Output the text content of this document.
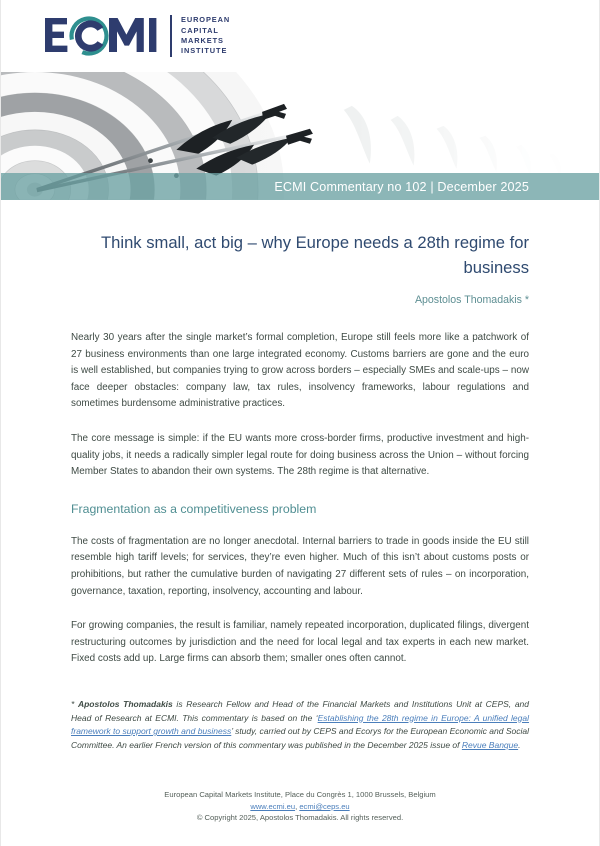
EUROPEAN
CAPITAL
MARKETS
INSTITUTE
ECMI Commentary no 102 | December 2025
Think small, act big – why Europe needs a 28th regime for business
Apostolos Thomadakis *

Nearly 30 years after the single market’s formal completion, Europe still feels more like a patchwork of 27 business environments than one large integrated economy. Customs barriers are gone and the euro is well established, but companies trying to grow across borders – especially SMEs and scale-ups – now face deeper obstacles: company law, tax rules, insolvency frameworks, labour regulations and sometimes burdensome administrative practices.

The core message is simple: if the EU wants more cross-border firms, productive investment and high-quality jobs, it needs a radically simpler legal route for doing business across the Union – without forcing Member States to abandon their own systems. The 28th regime is that alternative.

Fragmentation as a competitiveness problem

The costs of fragmentation are no longer anecdotal. Internal barriers to trade in goods inside the EU still resemble high tariff levels; for services, they’re even higher. Much of this isn’t about customs posts or prohibitions, but rather the cumulative burden of navigating 27 different sets of rules – on incorporation, governance, taxation, reporting, insolvency, accounting and labour.

For growing companies, the result is familiar, namely repeated incorporation, duplicated filings, divergent restructuring outcomes by jurisdiction and the need for local legal and tax experts in each new market. Fixed costs add up. Large firms can absorb them; smaller ones often cannot.

* Apostolos Thomadakis is Research Fellow and Head of the Financial Markets and Institutions Unit at CEPS, and Head of Research at ECMI. This commentary is based on the ‘Establishing the 28th regime in Europe: A unified legal framework to support growth and business’ study, carried out by CEPS and Ecorys for the European Economic and Social Committee. An earlier French version of this commentary was published in the December 2025 issue of Revue Banque.
European Capital Markets Institute, Place du Congrès 1, 1000 Brussels, Belgium
www.ecmi.eu, ecmi@ceps.eu
© Copyright 2025, Apostolos Thomadakis. All rights reserved.
